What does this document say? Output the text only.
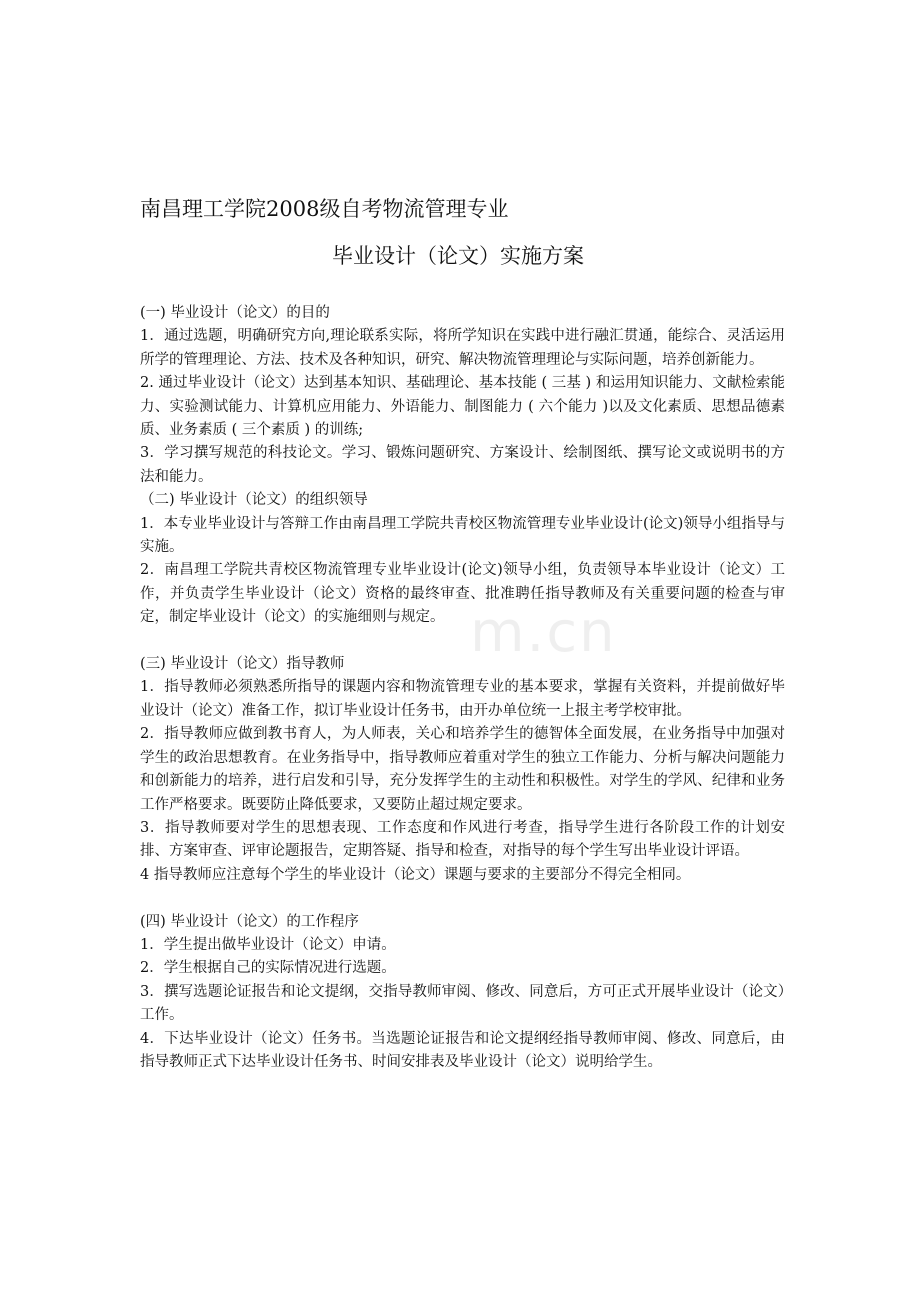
m.cn
南昌理工学院2008级自考物流管理专业
毕业设计（论文）实施方案

(一) 毕业设计（论文）的目的

1．通过选题，明确研究方向,理论联系实际，将所学知识在实践中进行融汇贯通，能综合、灵活运用所学的管理理论、方法、技术及各种知识，研究、解决物流管理理论与实际问题，培养创新能力。

2. 通过毕业设计（论文）达到基本知识、基础理论、基本技能 ( 三基 ) 和运用知识能力、文献检索能力、实验测试能力、计算机应用能力、外语能力、制图能力 ( 六个能力 )以及文化素质、思想品德素质、业务素质 ( 三个素质 ) 的训练;

3．学习撰写规范的科技论文。学习、锻炼问题研究、方案设计、绘制图纸、撰写论文或说明书的方法和能力。

（二) 毕业设计（论文）的组织领导

1．本专业毕业设计与答辩工作由南昌理工学院共青校区物流管理专业毕业设计(论文)领导小组指导与实施。

2．南昌理工学院共青校区物流管理专业毕业设计(论文)领导小组，负责领导本毕业设计（论文）工作，并负责学生毕业设计（论文）资格的最终审查、批准聘任指导教师及有关重要问题的检查与审定，制定毕业设计（论文）的实施细则与规定。

(三) 毕业设计（论文）指导教师

1．指导教师必须熟悉所指导的课题内容和物流管理专业的基本要求，掌握有关资料，并提前做好毕业设计（论文）准备工作，拟订毕业设计任务书，由开办单位统一上报主考学校审批。

2．指导教师应做到教书育人，为人师表，关心和培养学生的德智体全面发展，在业务指导中加强对学生的政治思想教育。在业务指导中，指导教师应着重对学生的独立工作能力、分析与解决问题能力和创新能力的培养，进行启发和引导，充分发挥学生的主动性和积极性。对学生的学风、纪律和业务工作严格要求。既要防止降低要求，又要防止超过规定要求。

3．指导教师要对学生的思想表现、工作态度和作风进行考查，指导学生进行各阶段工作的计划安排、方案审查、评审论题报告，定期答疑、指导和检查，对指导的每个学生写出毕业设计评语。

4 指导教师应注意每个学生的毕业设计（论文）课题与要求的主要部分不得完全相同。

(四) 毕业设计（论文）的工作程序

1．学生提出做毕业设计（论文）申请。

2．学生根据自己的实际情况进行选题。

3．撰写选题论证报告和论文提纲，交指导教师审阅、修改、同意后，方可正式开展毕业设计（论文）工作。

4．下达毕业设计（论文）任务书。当选题论证报告和论文提纲经指导教师审阅、修改、同意后，由指导教师正式下达毕业设计任务书、时间安排表及毕业设计（论文）说明给学生。
